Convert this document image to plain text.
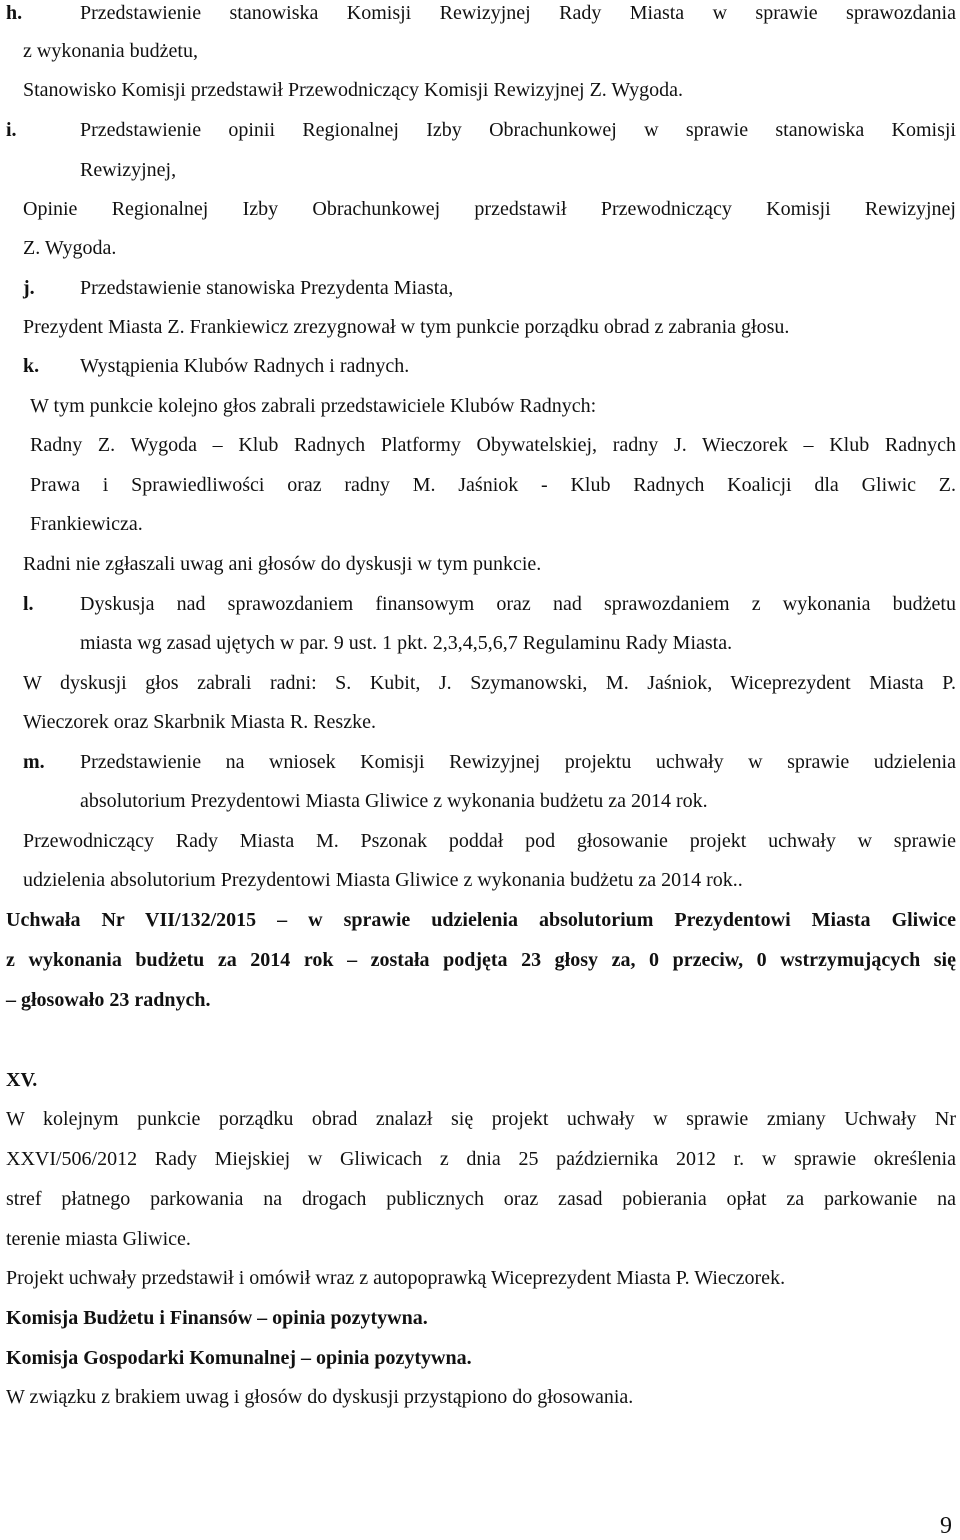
h.	Przedstawienie stanowiska Komisji Rewizyjnej Rady Miasta w sprawie sprawozdania
z wykonania budżetu,
Stanowisko Komisji przedstawił Przewodniczący Komisji Rewizyjnej Z. Wygoda.
i.	Przedstawienie opinii Regionalnej Izby Obrachunkowej w sprawie stanowiska Komisji
Rewizyjnej,
Opinie Regionalnej Izby Obrachunkowej przedstawił Przewodniczący Komisji Rewizyjnej
Z. Wygoda.
j. Przedstawienie stanowiska Prezydenta Miasta,
Prezydent Miasta Z. Frankiewicz zrezygnował w tym punkcie porządku obrad z zabrania głosu.
k. Wystąpienia Klubów Radnych i radnych.
W tym punkcie kolejno głos zabrali przedstawiciele Klubów Radnych:
Radny Z. Wygoda – Klub Radnych Platformy Obywatelskiej, radny J. Wieczorek – Klub Radnych
Prawa i Sprawiedliwości oraz radny M. Jaśniok - Klub Radnych Koalicji dla Gliwic Z.
Frankiewicza.
Radni nie zgłaszali uwag ani głosów do dyskusji w tym punkcie.
l. Dyskusja nad sprawozdaniem finansowym oraz nad sprawozdaniem z wykonania budżetu
miasta wg zasad ujętych w par. 9 ust. 1 pkt. 2,3,4,5,6,7 Regulaminu Rady Miasta.
W dyskusji głos zabrali radni: S. Kubit, J. Szymanowski, M. Jaśniok, Wiceprezydent Miasta P.
Wieczorek oraz Skarbnik Miasta R. Reszke.
m. Przedstawienie na wniosek Komisji Rewizyjnej projektu uchwały w sprawie udzielenia
absolutorium Prezydentowi Miasta Gliwice z wykonania budżetu za 2014 rok.
Przewodniczący Rady Miasta M. Pszonak poddał pod głosowanie projekt uchwały w sprawie
udzielenia absolutorium Prezydentowi Miasta Gliwice z wykonania budżetu za 2014 rok..
Uchwała Nr VII/132/2015 – w sprawie udzielenia absolutorium Prezydentowi Miasta Gliwice
z wykonania budżetu za 2014 rok – została podjęta 23 głosy za, 0 przeciw, 0 wstrzymujących się
– głosowało 23 radnych.
XV.
W kolejnym punkcie porządku obrad znalazł się projekt uchwały w sprawie zmiany Uchwały Nr
XXVI/506/2012 Rady Miejskiej w Gliwicach z dnia 25 października 2012 r. w sprawie określenia
stref płatnego parkowania na drogach publicznych oraz zasad pobierania opłat za parkowanie na
terenie miasta Gliwice.
Projekt uchwały przedstawił i omówił wraz z autopoprawką Wiceprezydent Miasta P. Wieczorek.
Komisja Budżetu i Finansów – opinia pozytywna.
Komisja Gospodarki Komunalnej – opinia pozytywna.
W związku z brakiem uwag i głosów do dyskusji przystąpiono do głosowania.
9
